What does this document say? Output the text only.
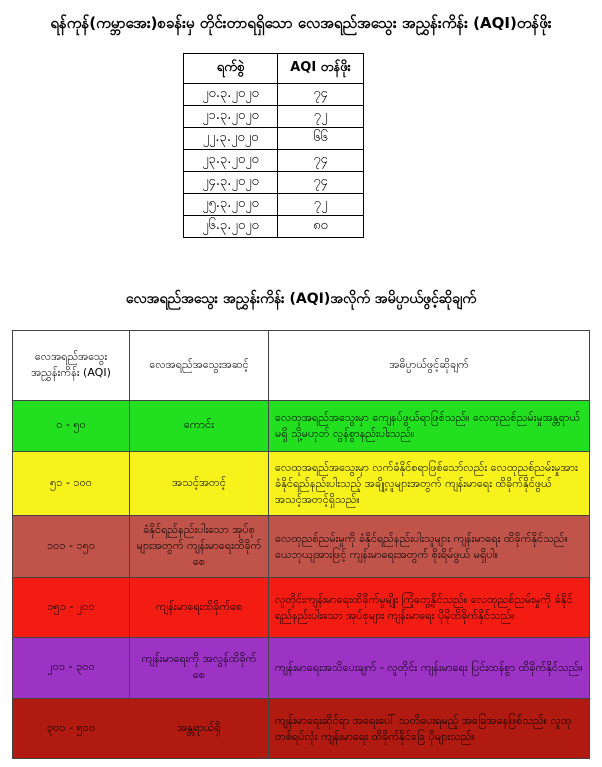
ရန်ကုန်(ကမ္ဘာအေး)စခန်းမှ တိုင်းတာရရှိသော လေအရည်အသွေး အညွှန်းကိန်း (AQI)တန်ဖိုး
ရက်စွဲ	AQI တန်ဖိုး
၂၀.၃.၂၀၂၀	၇၄
၂၁.၃.၂၀၂၀	၇၂
၂၂.၃.၂၀၂၀	၆၆
၂၃.၃.၂၀၂၀	၇၄
၂၄.၃.၂၀၂၀	၇၄
၂၅.၃.၂၀၂၀	၇၂
၂၆.၃.၂၀၂၀	၈၀
လေအရည်အသွေး အညွှန်းကိန်း (AQI)အလိုက် အမိပ္ပာယ်ဖွင့်ဆိုချက်
လေအရည်အသွေး အညွှန်းကိန်း (AQI)	လေအရည်အသွေးအဆင့်	အဓိပ္ပာယ်ဖွင့်ဆိုချက်
၀ - ၅၀	ကောင်း	လေထုအရည်အသွေးမှာ ကျေနပ်ဖွယ်ရာဖြစ်သည်။ လေထုညစ်ညမ်းမှုအန္တရာယ်မရှိ သို့မဟုတ် လွန်စွာနည်းပါးသည်။
၅၁ - ၁၀၀	အသင့်အတင့်	လေထုအရည်အသွေးမှာ လက်ခံနိုင်စရာဖြစ်သော်လည်း လေထုညစ်ညမ်းမှုအား ခံနိုင်ရည်နည်းပါးသည့် အချို့လူများအတွက် ကျန်းမာရေး ထိခိုက်နိုင်ဖွယ် အသင့်အတင့်ရှိသည်။
၁၀၁ - ၁၅၀	ခံနိုင်ရည်နည်းပါးသော အုပ်စုများအတွက် ကျန်းမာရေးထိခိုက်စေ	လေထုညစ်ညမ်းမှုကို ခံနိုင်ရည်နည်းပါးသူများ ကျန်းမာရေး ထိခိုက်နိုင်သည်။ ယေဘုယျအားဖြင့် ကျန်းမာရေးအတွက် စိုးရိမ်ဖွယ် မရှိပါ။
၁၅၁ - ၂၀၀	ကျန်းမာရေးထိခိုက်စေ	လူတိုင်းကျန်းမာရေးထိခိုက်မှုမျိုး ကြုံတွေ့နိုင်သည်။ လေထုညစ်ညမ်းမှုကို ခံနိုင်ရည်နည်းပါးသော အုပ်စုများ ကျန်းမာရေး ပိုမိုထိခိုက်နိုင်သည်။
၂၀၁ - ၃၀၀	ကျန်းမာရေးကို အလွန်ထိခိုက်စေ	ကျန်းမာရေးအသိပေးချက် - လူတိုင်း ကျန်းမာရေး ပြင်းထန်စွာ ထိခိုက်နိုင်သည်။
၃၀၁ - ၅၀၀	အန္တရာယ်ရှိ	ကျန်းမာရေးဆိုင်ရာ အရေးပေါ် သတိပေးရမည့် အခြေအနေဖြစ်သည်။ လူထုတစ်ရပ်လုံး ကျန်းမာရေး ထိခိုက်နိုင်ခြေ ပိုများသည်။
